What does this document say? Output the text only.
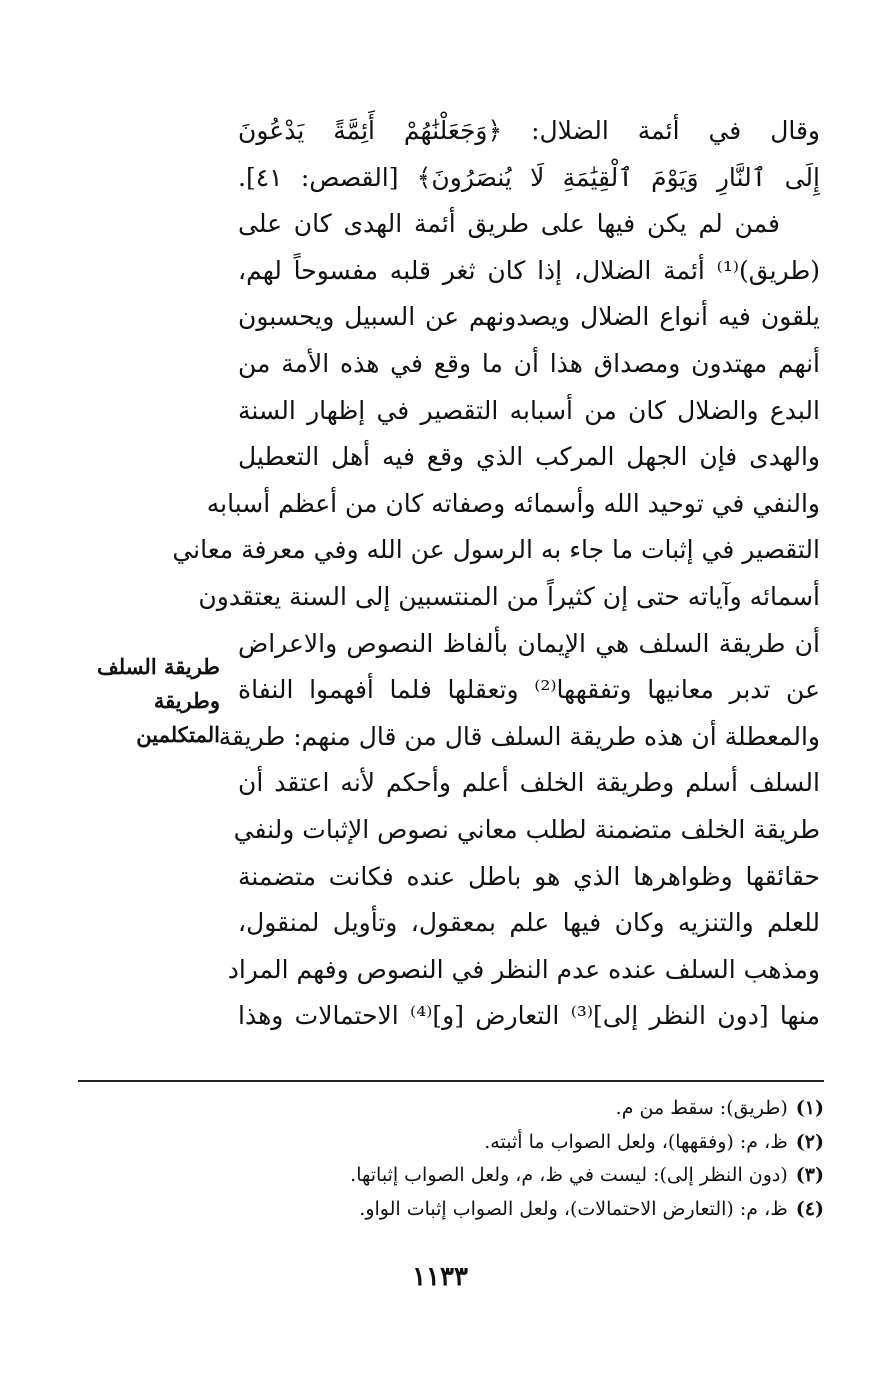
وقال في أئمة الضلال: ﴿وَجَعَلْنَٰهُمْ أَئِمَّةً يَدْعُونَ
إِلَى ٱلنَّارِ وَيَوْمَ ٱلْقِيَٰمَةِ لَا يُنصَرُونَ﴾ [القصص: ٤١].
فمن لم يكن فيها على طريق أئمة الهدى كان على
(طريق)⁽¹⁾ أئمة الضلال، إذا كان ثغر قلبه مفسوحاً لهم،
يلقون فيه أنواع الضلال ويصدونهم عن السبيل ويحسبون
أنهم مهتدون ومصداق هذا أن ما وقع في هذه الأمة من
البدع والضلال كان من أسبابه التقصير في إظهار السنة
والهدى فإن الجهل المركب الذي وقع فيه أهل التعطيل
والنفي في توحيد الله وأسمائه وصفاته كان من أعظم أسبابه
التقصير في إثبات ما جاء به الرسول عن الله وفي معرفة معاني
أسمائه وآياته حتى إن كثيراً من المنتسبين إلى السنة يعتقدون
أن طريقة السلف هي الإيمان بألفاظ النصوص والاعراض
عن تدبر معانيها وتفقهها⁽²⁾ وتعقلها فلما أفهموا النفاة
والمعطلة أن هذه طريقة السلف قال من قال منهم: طريقة
السلف أسلم وطريقة الخلف أعلم وأحكم لأنه اعتقد أن
طريقة الخلف متضمنة لطلب معاني نصوص الإثبات ولنفي
حقائقها وظواهرها الذي هو باطل عنده فكانت متضمنة
للعلم والتنزيه وكان فيها علم بمعقول، وتأويل لمنقول،
ومذهب السلف عنده عدم النظر في النصوص وفهم المراد
منها [دون النظر إلى]⁽³⁾ التعارض [و]⁽⁴⁾ الاحتمالات وهذا
طريقة السلف
وطريقة المتكلمين
(١)(طريق): سقط من م.
(٢)ظ، م: (وفقهها)، ولعل الصواب ما أثبته.
(٣)(دون النظر إلى): ليست في ظ، م، ولعل الصواب إثباتها.
(٤)ظ، م: (التعارض الاحتمالات)، ولعل الصواب إثبات الواو.
١١٣٣
